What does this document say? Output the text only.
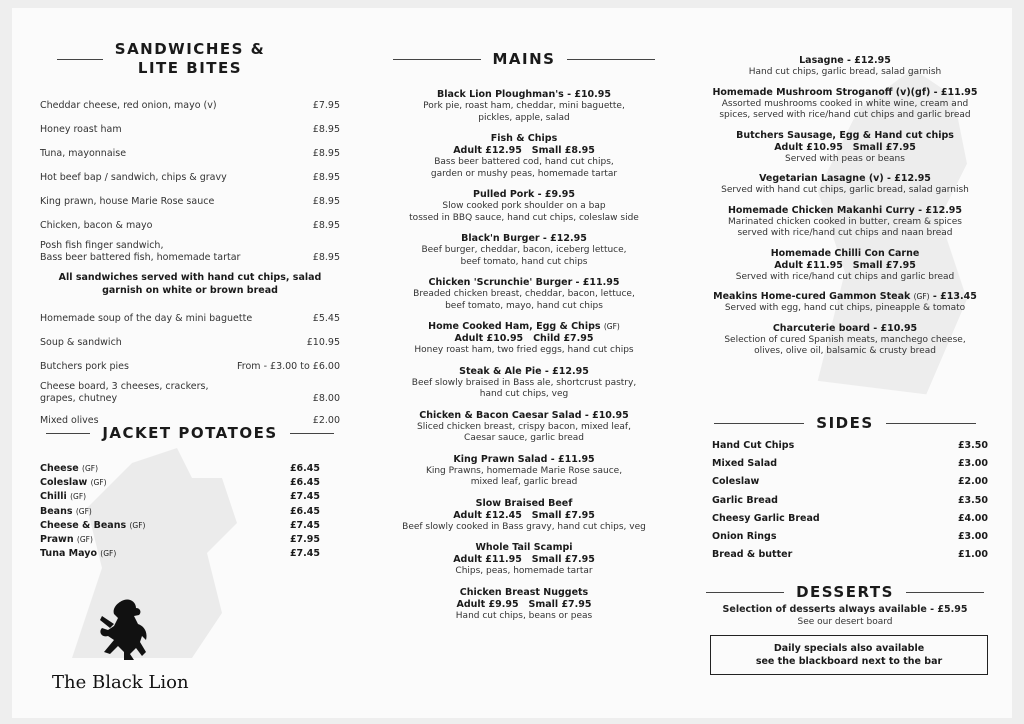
SANDWICHES &
LITE BITES
Cheddar cheese, red onion, mayo (v)	£7.95
Honey roast ham	£8.95
Tuna, mayonnaise	£8.95
Hot beef bap / sandwich, chips & gravy	£8.95
King prawn, house Marie Rose sauce	£8.95
Chicken, bacon & mayo	£8.95
Posh fish finger sandwich,
Bass beer battered fish, homemade tartar	£8.95
All sandwiches served with hand cut chips, salad garnish on white or brown bread
Homemade soup of the day & mini baguette	£5.45
Soup & sandwich	£10.95
Butchers pork pies	From - £3.00 to £6.00
Cheese board, 3 cheeses, crackers,
grapes, chutney	£8.00
Mixed olives	£2.00
JACKET POTATOES
Cheese (GF)	£6.45
Coleslaw (GF)	£6.45
Chilli (GF)	£7.45
Beans (GF)	£6.45
Cheese & Beans (GF)	£7.45
Prawn (GF)	£7.95
Tuna Mayo (GF)	£7.45
The Black Lion
MAINS
Black Lion Ploughman's - £10.95
Pork pie, roast ham, cheddar, mini baguette,
pickles, apple, salad
Fish & Chips
Adult £12.95   Small £8.95
Bass beer battered cod, hand cut chips,
garden or mushy peas, homemade tartar
Pulled Pork - £9.95
Slow cooked pork shoulder on a bap
tossed in BBQ sauce, hand cut chips, coleslaw side
Black'n Burger - £12.95
Beef burger, cheddar, bacon, iceberg lettuce,
beef tomato, hand cut chips
Chicken 'Scrunchie' Burger - £11.95
Breaded chicken breast, cheddar, bacon, lettuce,
beef tomato, mayo, hand cut chips
Home Cooked Ham, Egg & Chips (GF)
Adult £10.95   Child £7.95
Honey roast ham, two fried eggs, hand cut chips
Steak & Ale Pie - £12.95
Beef slowly braised in Bass ale, shortcrust pastry,
hand cut chips, veg
Chicken & Bacon Caesar Salad - £10.95
Sliced chicken breast, crispy bacon, mixed leaf,
Caesar sauce, garlic bread
King Prawn Salad - £11.95
King Prawns, homemade Marie Rose sauce,
mixed leaf, garlic bread
Slow Braised Beef
Adult £12.45   Small £7.95
Beef slowly cooked in Bass gravy, hand cut chips, veg
Whole Tail Scampi
Adult £11.95   Small £7.95
Chips, peas, homemade tartar
Chicken Breast Nuggets
Adult £9.95   Small £7.95
Hand cut chips, beans or peas
Lasagne - £12.95
Hand cut chips, garlic bread, salad garnish
Homemade Mushroom Stroganoff (v)(gf) - £11.95
Assorted mushrooms cooked in white wine, cream and
spices, served with rice/hand cut chips and garlic bread
Butchers Sausage, Egg & Hand cut chips
Adult £10.95   Small £7.95
Served with peas or beans
Vegetarian Lasagne (v) - £12.95
Served with hand cut chips, garlic bread, salad garnish
Homemade Chicken Makanhi Curry - £12.95
Marinated chicken cooked in butter, cream & spices
served with rice/hand cut chips and naan bread
Homemade Chilli Con Carne
Adult £11.95   Small £7.95
Served with rice/hand cut chips and garlic bread
Meakins Home-cured Gammon Steak (GF) - £13.45
Served with egg, hand cut chips, pineapple & tomato
Charcuterie board - £10.95
Selection of cured Spanish meats, manchego cheese,
olives, olive oil, balsamic & crusty bread
SIDES
Hand Cut Chips	£3.50
Mixed Salad	£3.00
Coleslaw	£2.00
Garlic Bread	£3.50
Cheesy Garlic Bread	£4.00
Onion Rings	£3.00
Bread & butter	£1.00
DESSERTS
Selection of desserts always available - £5.95
See our desert board
Daily specials also available
see the blackboard next to the bar
